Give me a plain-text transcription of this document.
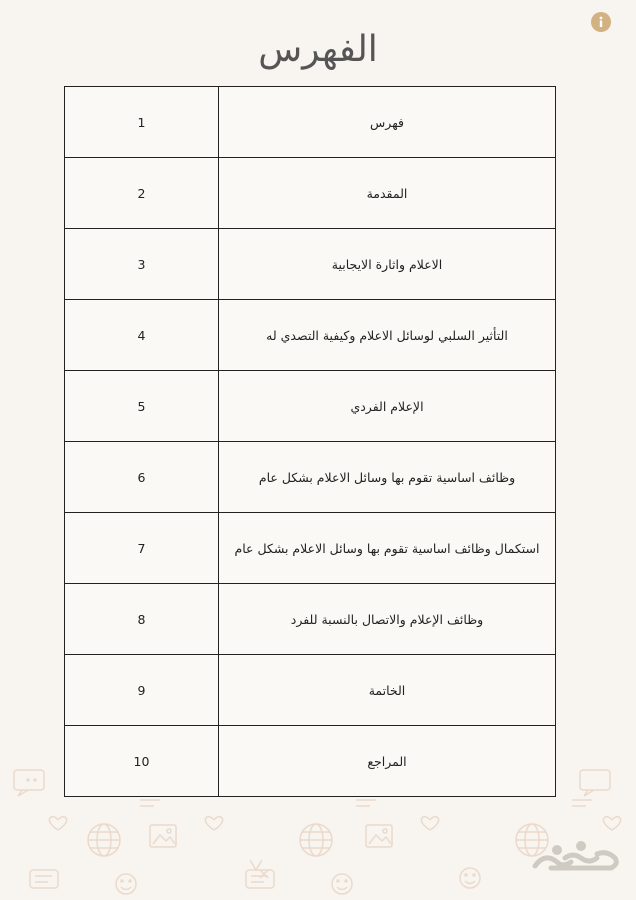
الفهرس
1	فهرس
2	المقدمة
3	الاعلام واثارة الايجابية
4	التأثير السلبي لوسائل الاعلام وكيفية التصدي له
5	الإعلام الفردي
6	وظائف اساسية تقوم بها وسائل الاعلام بشكل عام
7	استكمال وظائف اساسية تقوم بها وسائل الاعلام بشكل عام
8	وظائف الإعلام والاتصال بالنسبة للفرد
9	الخاتمة
10	المراجع
